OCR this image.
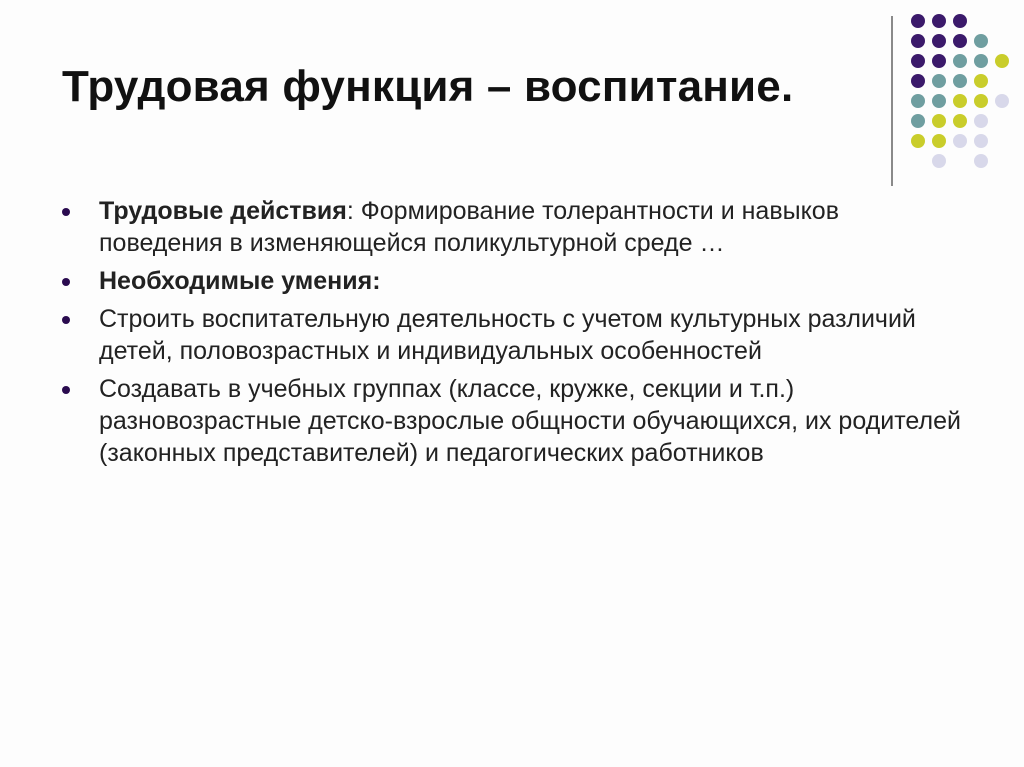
Трудовая функция – воспитание.
Трудовые действия: Формирование толерантности и навыков поведения в изменяющейся поликультурной среде …
Необходимые умения:
Строить воспитательную деятельность с учетом культурных различий детей, половозрастных и индивидуальных особенностей
Создавать в учебных группах (классе, кружке, секции и т.п.) разновозрастные детско-взрослые общности обучающихся, их родителей (законных представителей) и педагогических работников
